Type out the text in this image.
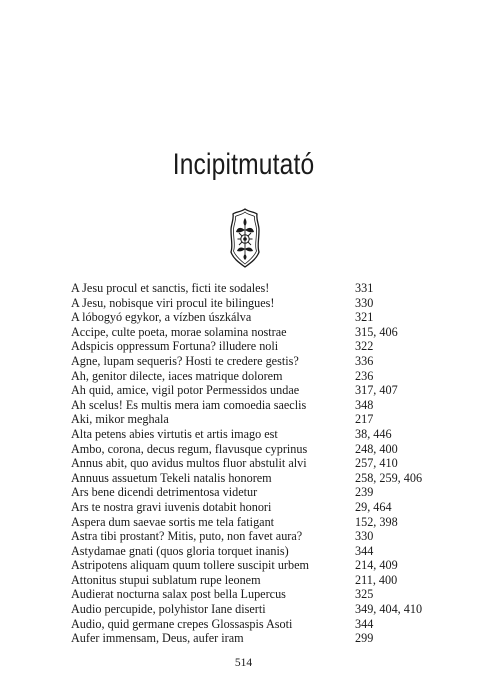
Incipitmutató
A Jesu procul et sanctis, ficti ite sodales!	331
A Jesu, nobisque viri procul ite bilingues!	330
A lóbogyó egykor, a vízben úszkálva	321
Accipe, culte poeta, morae solamina nostrae	315, 406
Adspicis oppressum Fortuna? illudere noli	322
Agne, lupam sequeris? Hosti te credere gestis?	336
Ah, genitor dilecte, iaces matrique dolorem	236
Ah quid, amice, vigil potor Permessidos undae	317, 407
Ah scelus! Es multis mera iam comoedia saeclis	348
Aki, mikor meghala	217
Alta petens abies virtutis et artis imago est	38, 446
Ambo, corona, decus regum, flavusque cyprinus	248, 400
Annus abit, quo avidus multos fluor abstulit alvi	257, 410
Annuus assuetum Tekeli natalis honorem	258, 259, 406
Ars bene dicendi detrimentosa videtur	239
Ars te nostra gravi iuvenis dotabit honori	29, 464
Aspera dum saevae sortis me tela fatigant	152, 398
Astra tibi prostant? Mitis, puto, non favet aura?	330
Astydamae gnati (quos gloria torquet inanis)	344
Astripotens aliquam quum tollere suscipit urbem	214, 409
Attonitus stupui sublatum rupe leonem	211, 400
Audierat nocturna salax post bella Lupercus	325
Audio percupide, polyhistor Iane diserti	349, 404, 410
Audio, quid germane crepes Glossaspis Asoti	344
Aufer immensam, Deus, aufer iram	299
514
